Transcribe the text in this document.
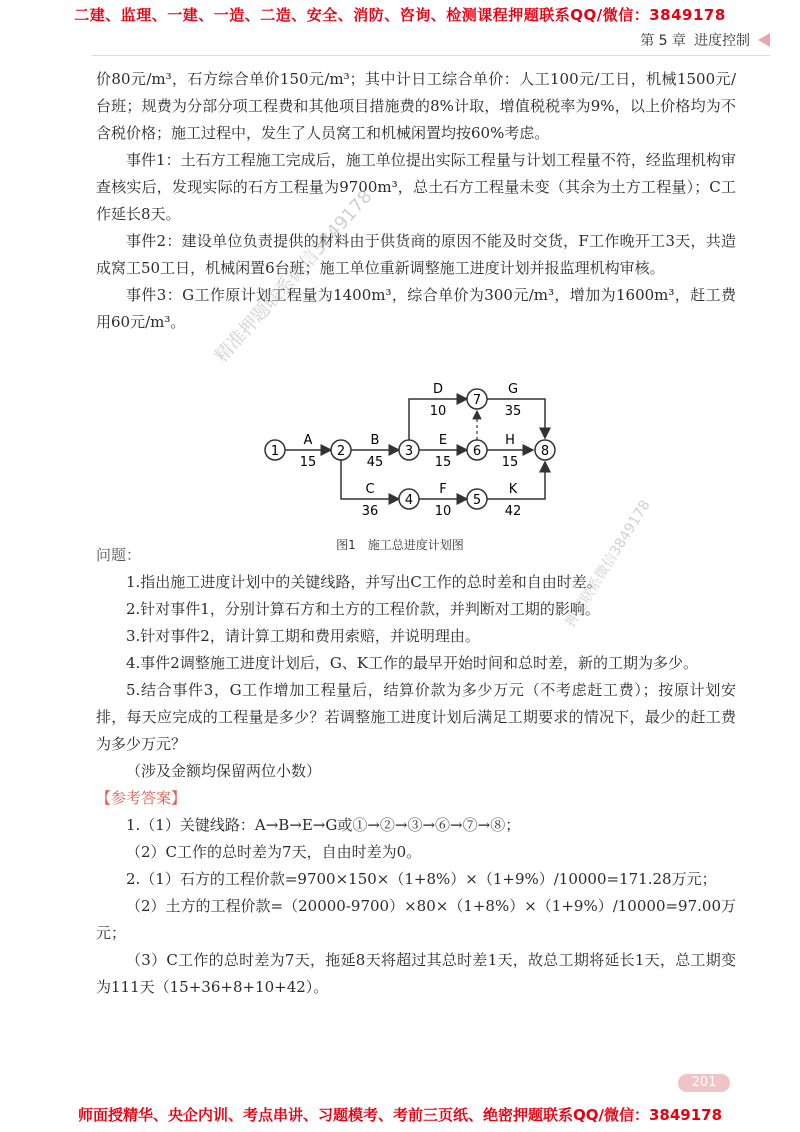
二建、监理、一建、一造、二造、安全、消防、咨询、检测课程押题联系QQ/微信：3849178
第 5 章 进度控制

价80元/m³，石方综合单价150元/m³；其中计日工综合单价：人工100元/工日，机械1500元/台班；规费为分部分项工程费和其他项目措施费的8%计取，增值税税率为9%，以上价格均为不含税价格；施工过程中，发生了人员窝工和机械闲置均按60%考虑。

事件1：土石方工程施工完成后，施工单位提出实际工程量与计划工程量不符，经监理机构审查核实后，发现实际的石方工程量为9700m³，总土石方工程量未变（其余为土方工程量）；C工作延长8天。

事件2：建设单位负责提供的材料由于供货商的原因不能及时交货，F工作晚开工3天，共造成窝工50工日，机械闲置6台班；施工单位重新调整施工进度计划并报监理机构审核。

事件3：G工作原计划工程量为1400m³，综合单价为300元/m³，增加为1600m³，赶工费用60元/m³。

问题：

1.指出施工进度计划中的关键线路，并写出C工作的总时差和自由时差。

2.针对事件1，分别计算石方和土方的工程价款，并判断对工期的影响。

3.针对事件2，请计算工期和费用索赔，并说明理由。

4.事件2调整施工进度计划后，G、K工作的最早开始时间和总时差，新的工期为多少。

5.结合事件3，G工作增加工程量后，结算价款为多少万元（不考虑赶工费）；按原计划安排，每天应完成的工程量是多少？若调整施工进度计划后满足工期要求的情况下，最少的赶工费为多少万元？

（涉及金额均保留两位小数）

【参考答案】

1.（1）关键线路：A→B→E→G或①→②→③→⑥→⑦→⑧；

（2）C工作的总时差为7天，自由时差为0。

2.（1）石方的工程价款=9700×150×（1+8%）×（1+9%）/10000=171.28万元；

（2）土方的工程价款=（20000-9700）×80×（1+8%）×（1+9%）/10000=97.00万元；

（3）C工作的总时差为7天，拖延8天将超过其总时差1天，故总工期将延长1天，总工期变为111天（15+36+8+10+42）。

1	2	3
4	5
6
7
8
A
15
B
45
C
36
D
10
E
15
F
10
G
35
H
15
K
42
图1　施工总进度计划图
精准押题联系微信3849178
押题联系微信3849178
201
师面授精华、央企内训、考点串讲、习题模考、考前三页纸、绝密押题联系QQ/微信：3849178
